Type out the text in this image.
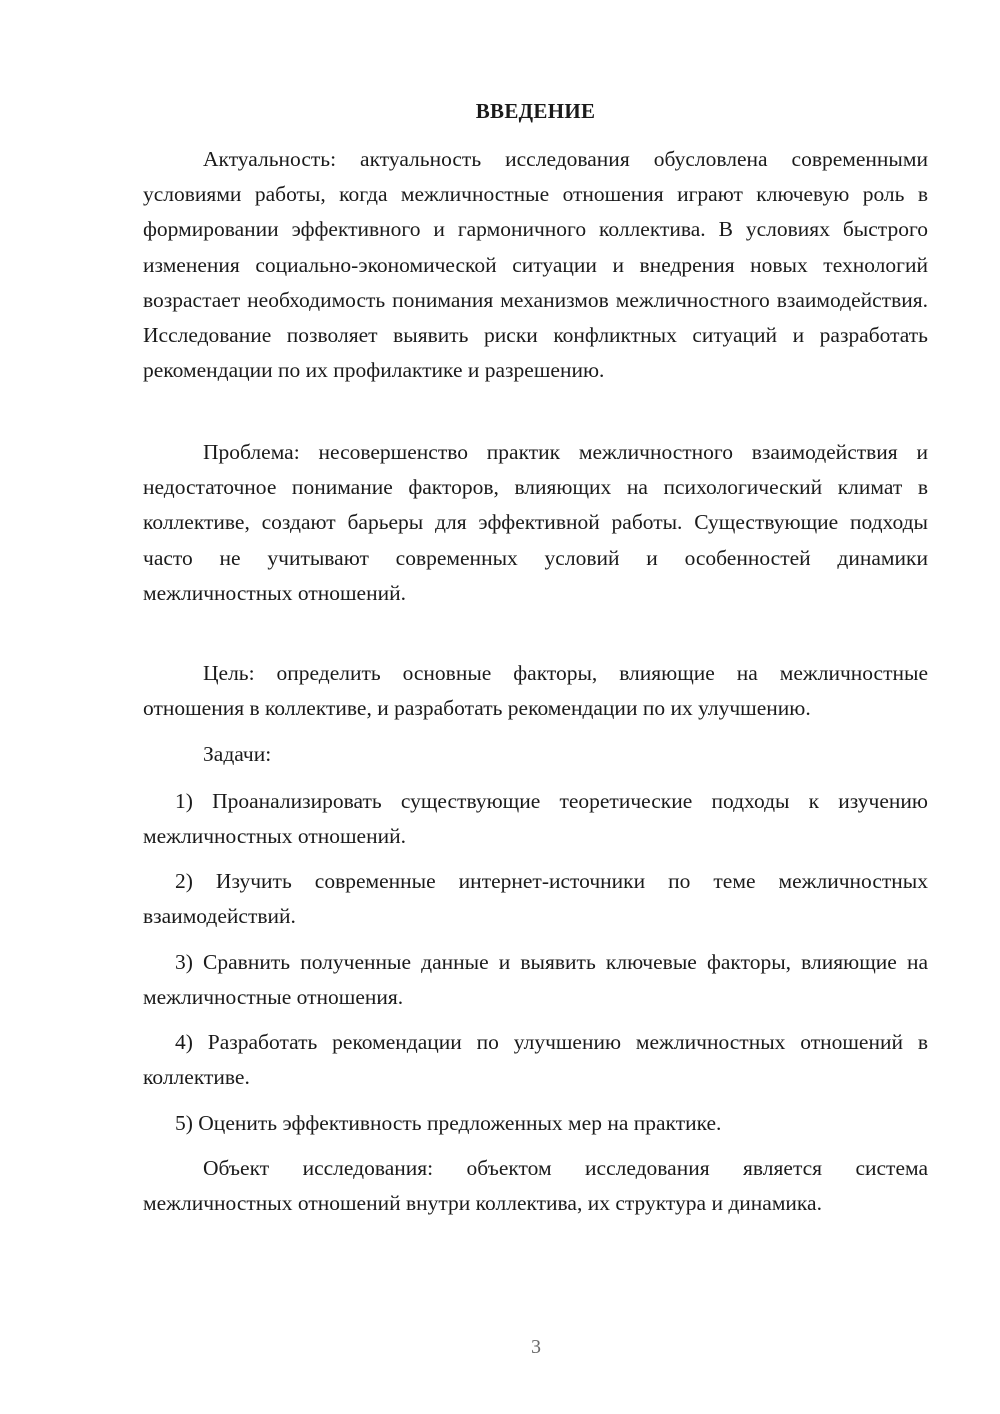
ВВЕДЕНИЕ

Актуальность: актуальность исследования обусловлена современными условиями работы, когда межличностные отношения играют ключевую роль в формировании эффективного и гармоничного коллектива. В условиях быстрого изменения социально-экономической ситуации и внедрения новых технологий возрастает необходимость понимания механизмов межличностного взаимодействия. Исследование позволяет выявить риски конфликтных ситуаций и разработать рекомендации по их профилактике и разрешению.

Проблема: несовершенство практик межличностного взаимодействия и недостаточное понимание факторов, влияющих на психологический климат в коллективе, создают барьеры для эффективной работы. Существующие подходы часто не учитывают современных условий и особенностей динамики межличностных отношений.

Цель: определить основные факторы, влияющие на межличностные отношения в коллективе, и разработать рекомендации по их улучшению.

Задачи:

1) Проанализировать существующие теоретические подходы к изучению межличностных отношений.

2) Изучить современные интернет-источники по теме межличностных взаимодействий.

3) Сравнить полученные данные и выявить ключевые факторы, влияющие на межличностные отношения.

4) Разработать рекомендации по улучшению межличностных отношений в коллективе.

5) Оценить эффективность предложенных мер на практике.

Объект исследования: объектом исследования является система межличностных отношений внутри коллектива, их структура и динамика.

3
